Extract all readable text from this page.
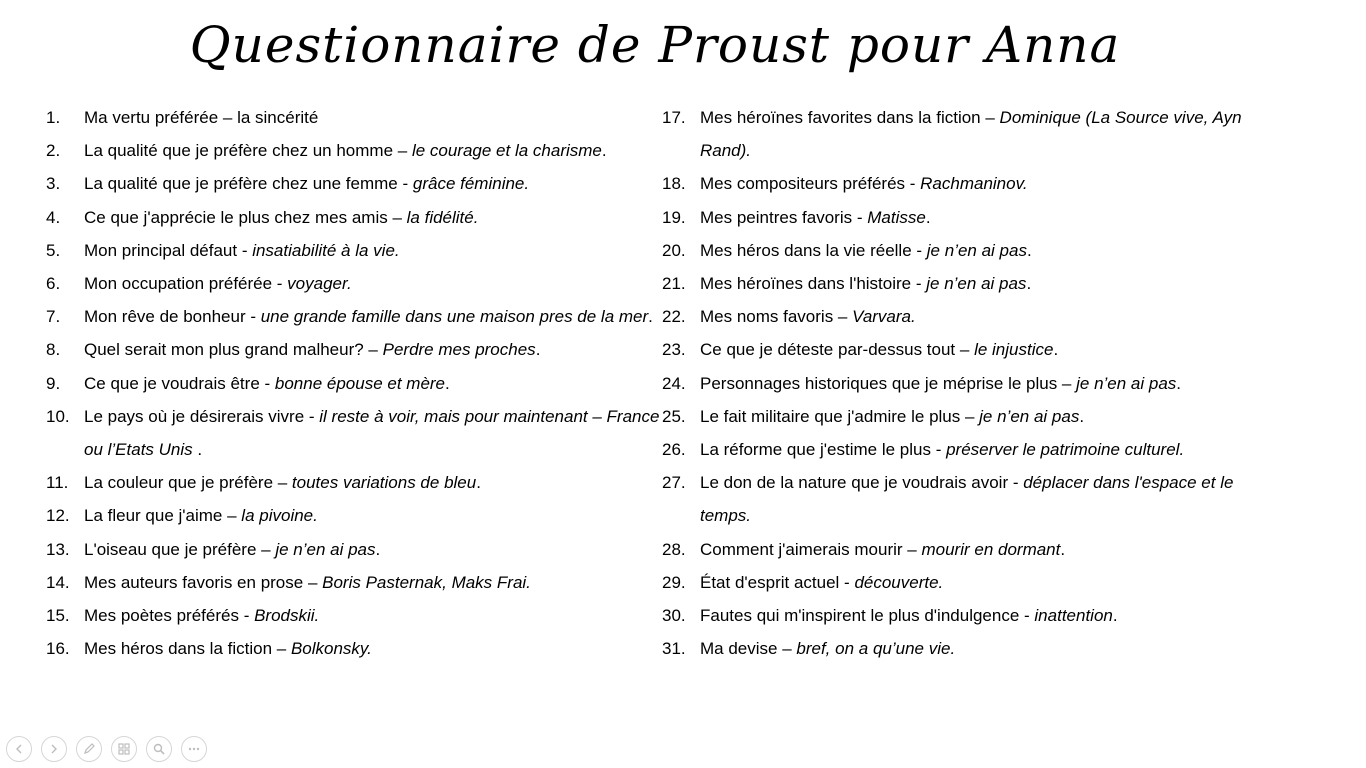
Questionnaire de Proust pour Anna
1. Ma vertu préférée – la sincérité
2. La qualité que je préfère chez un homme – le courage et la charisme.
3. La qualité que je préfère chez une femme - grâce féminine.
4. Ce que j'apprécie le plus chez mes amis – la fidélité.
5. Mon principal défaut - insatiabilité à la vie.
6. Mon occupation préférée - voyager.
7. Mon rêve de bonheur - une grande famille dans une maison pres de la mer.
8. Quel serait mon plus grand malheur? – Perdre mes proches.
9. Ce que je voudrais être - bonne épouse et mère.
10. Le pays où je désirerais vivre - il reste à voir, mais pour maintenant – France ou l’Etats Unis .
11. La couleur que je préfère – toutes variations de bleu.
12. La fleur que j'aime – la pivoine.
13. L'oiseau que je préfère – je n’en ai pas.
14. Mes auteurs favoris en prose – Boris Pasternak, Maks Frai.
15. Mes poètes préférés - Brodskii.
16. Mes héros dans la fiction – Bolkonsky.
17. Mes héroïnes favorites dans la fiction – Dominique (La Source vive, Ayn Rand).
18. Mes compositeurs préférés - Rachmaninov.
19. Mes peintres favoris - Matisse.
20. Mes héros dans la vie réelle - je n’en ai pas.
21. Mes héroïnes dans l'histoire - je n’en ai pas.
22. Mes noms favoris – Varvara.
23. Ce que je déteste par-dessus tout – le injustice.
24. Personnages historiques que je méprise le plus – je n’en ai pas.
25. Le fait militaire que j'admire le plus – je n’en ai pas.
26. La réforme que j'estime le plus - préserver le patrimoine culturel.
27. Le don de la nature que je voudrais avoir - déplacer dans l'espace et le temps.
28. Comment j'aimerais mourir – mourir en dormant.
29. État d'esprit actuel - découverte.
30. Fautes qui m'inspirent le plus d'indulgence - inattention.
31. Ma devise – bref, on a qu’une vie.
